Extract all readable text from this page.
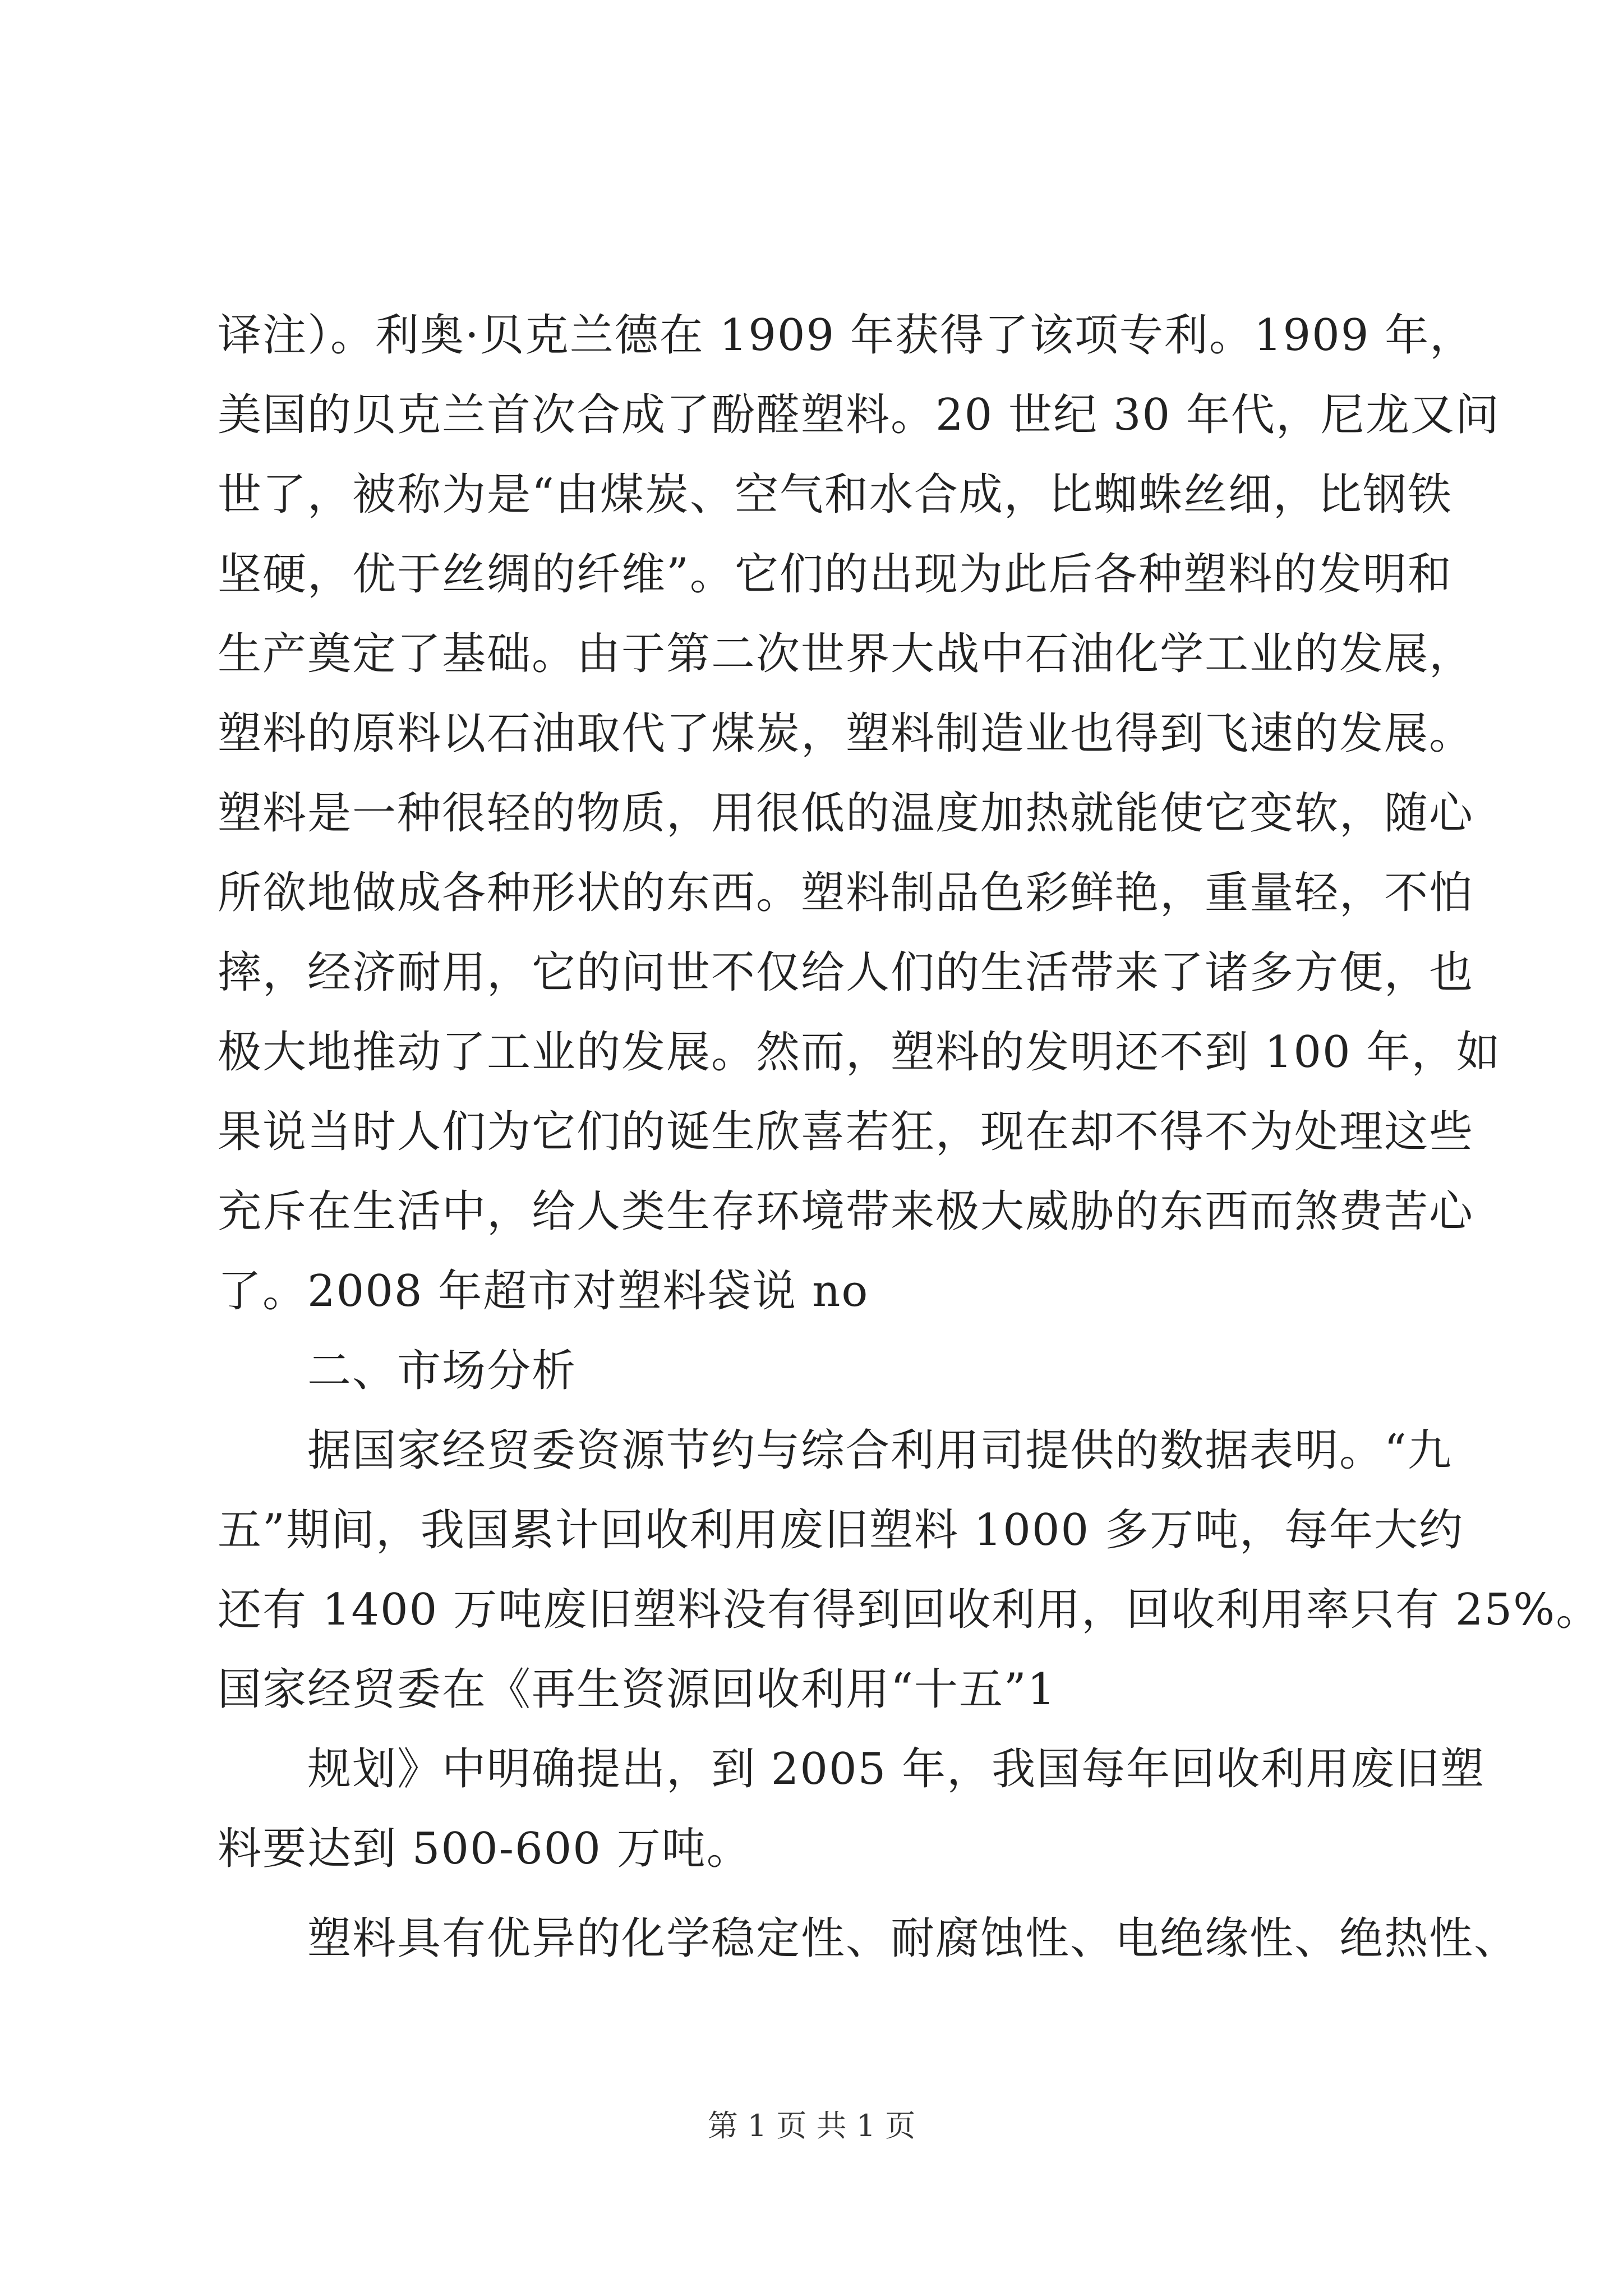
译注）。利奥·贝克兰德在 1909 年获得了该项专利。1909 年，
美国的贝克兰首次合成了酚醛塑料。20 世纪 30 年代，尼龙又问
世了，被称为是“由煤炭、空气和水合成，比蜘蛛丝细，比钢铁
坚硬，优于丝绸的纤维”。它们的出现为此后各种塑料的发明和
生产奠定了基础。由于第二次世界大战中石油化学工业的发展，
塑料的原料以石油取代了煤炭，塑料制造业也得到飞速的发展。
塑料是一种很轻的物质，用很低的温度加热就能使它变软，随心
所欲地做成各种形状的东西。塑料制品色彩鲜艳，重量轻，不怕
摔，经济耐用，它的问世不仅给人们的生活带来了诸多方便，也
极大地推动了工业的发展。然而，塑料的发明还不到 100 年，如
果说当时人们为它们的诞生欣喜若狂，现在却不得不为处理这些
充斥在生活中，给人类生存环境带来极大威胁的东西而煞费苦心
了。2008 年超市对塑料袋说 no
二、市场分析
据国家经贸委资源节约与综合利用司提供的数据表明。“九
五”期间，我国累计回收利用废旧塑料 1000 多万吨，每年大约
还有 1400 万吨废旧塑料没有得到回收利用，回收利用率只有 25%。
国家经贸委在《再生资源回收利用“十五”1
规划》中明确提出，到 2005 年，我国每年回收利用废旧塑
料要达到 500-600 万吨。
塑料具有优异的化学稳定性、耐腐蚀性、电绝缘性、绝热性、
第 1 页 共 1 页
